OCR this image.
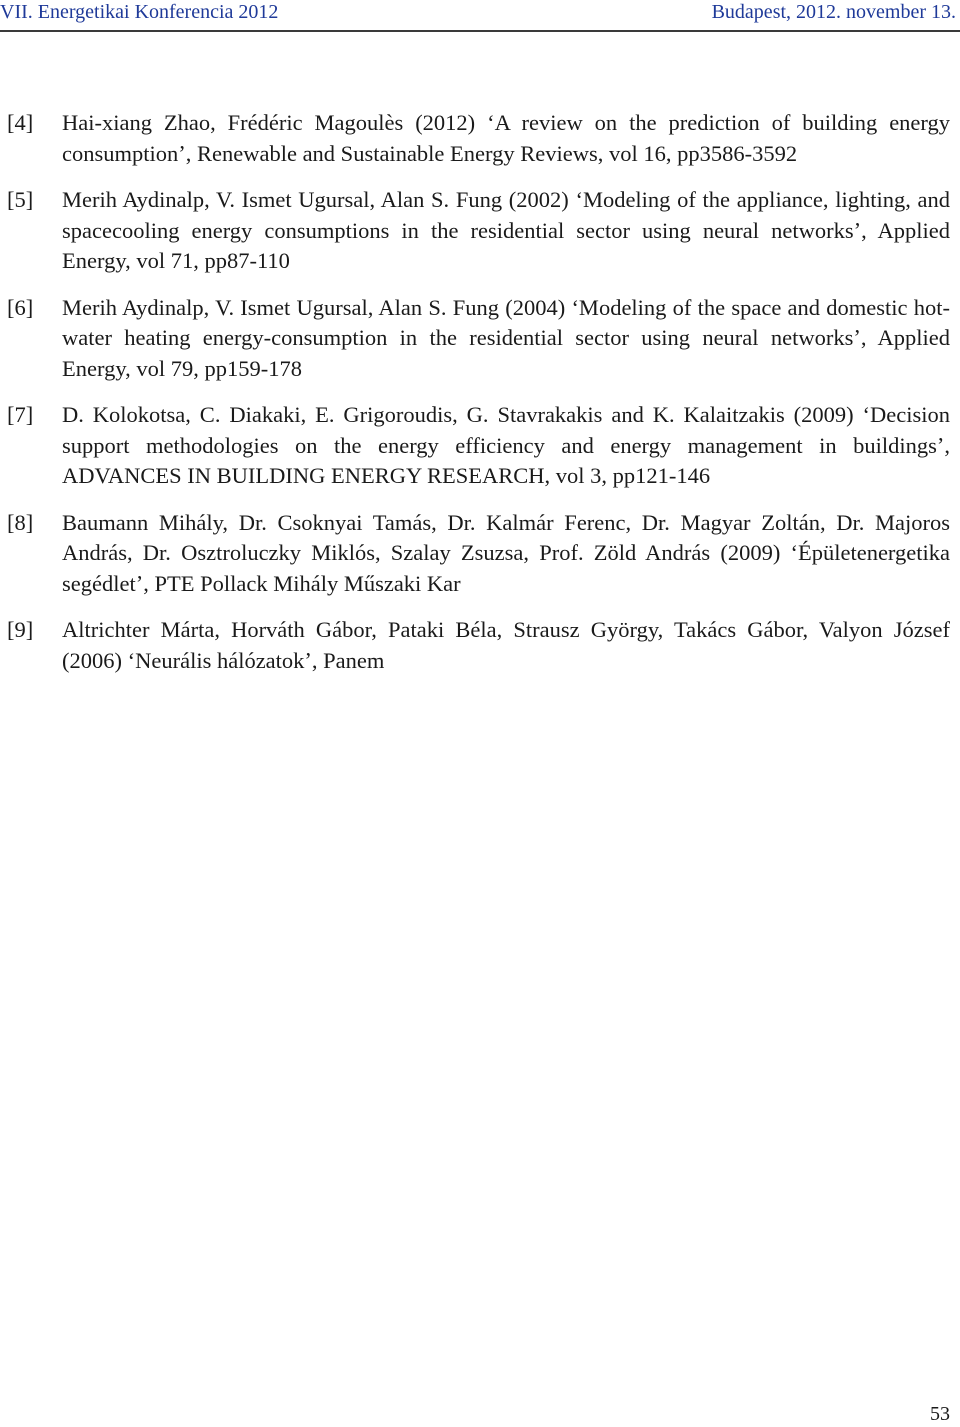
VII. Energetikai Konferencia 2012	Budapest, 2012. november 13.
[4] Hai-xiang Zhao, Frédéric Magoulès (2012) ʻA review on the prediction of building energy consumptionʼ, Renewable and Sustainable Energy Reviews, vol 16, pp3586-3592
[5] Merih Aydinalp, V. Ismet Ugursal, Alan S. Fung (2002) ʻModeling of the appliance, lighting, and spacecooling energy consumptions in the residential sector using neural networksʼ, Applied Energy, vol 71, pp87-110
[6] Merih Aydinalp, V. Ismet Ugursal, Alan S. Fung (2004) ʻModeling of the space and domestic hot-water heating energy-consumption in the residential sector using neural networksʼ, Applied Energy, vol 79, pp159-178
[7] D. Kolokotsa, C. Diakaki, E. Grigoroudis, G. Stavrakakis and K. Kalaitzakis (2009) ʻDecision support methodologies on the energy efficiency and energy management in buildingsʼ, ADVANCES IN BUILDING ENERGY RESEARCH, vol 3, pp121-146
[8] Baumann Mihály, Dr. Csoknyai Tamás, Dr. Kalmár Ferenc, Dr. Magyar Zoltán, Dr. Majoros András, Dr. Osztroluczky Miklós, Szalay Zsuzsa, Prof. Zöld András (2009) ʻÉpületenergetika segédletʼ, PTE Pollack Mihály Műszaki Kar
[9] Altrichter Márta, Horváth Gábor, Pataki Béla, Strausz György, Takács Gábor, Valyon József (2006) ʻNeurális hálózatokʼ, Panem
53
